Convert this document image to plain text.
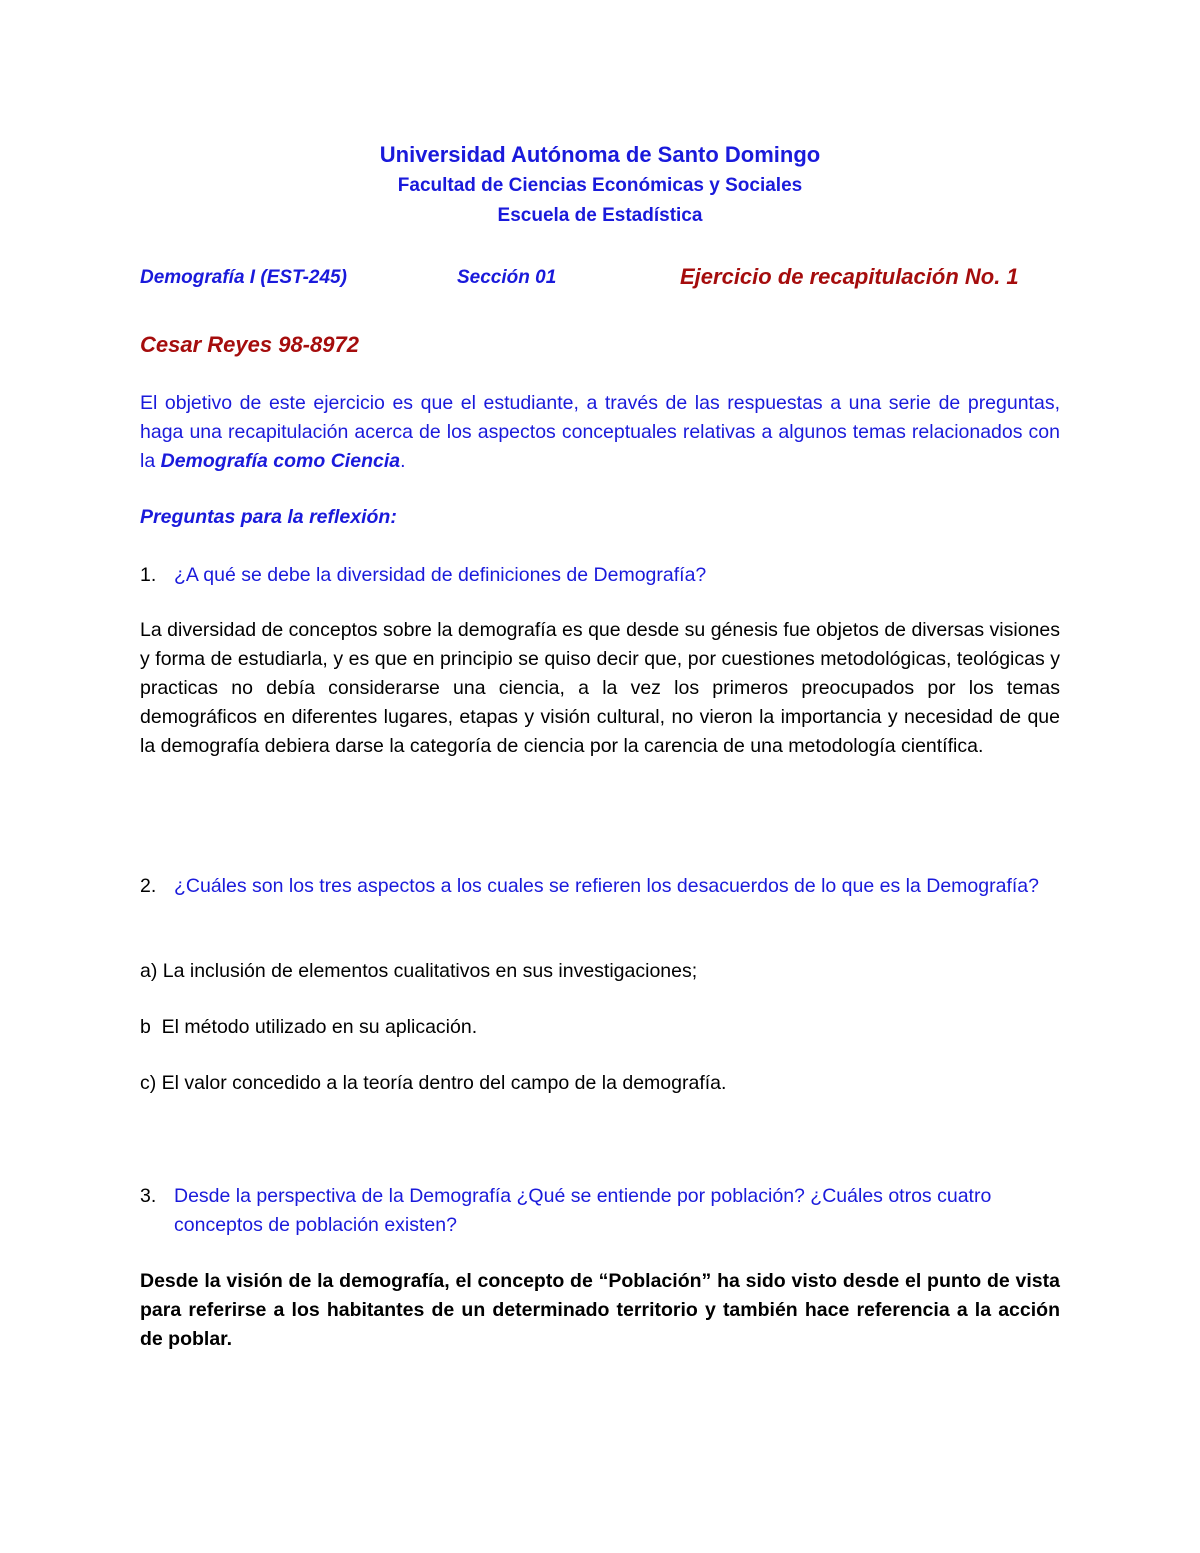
Universidad Autónoma de Santo Domingo
Facultad de Ciencias Económicas y Sociales
Escuela de Estadística
Demografía I (EST-245)	Sección 01	Ejercicio de recapitulación No. 1
Cesar Reyes 98-8972
El objetivo de este ejercicio es que el estudiante, a través de las respuestas a una serie de preguntas, haga una recapitulación acerca de los aspectos conceptuales relativas a algunos temas relacionados con la Demografía como Ciencia.
Preguntas para la reflexión:
1. ¿A qué se debe la diversidad de definiciones de Demografía?
La diversidad de conceptos sobre la demografía es que desde su génesis fue objetos de diversas visiones y forma de estudiarla, y es que en principio se quiso decir que, por cuestiones metodológicas, teológicas y practicas no debía considerarse una ciencia, a la vez los primeros preocupados por los temas demográficos en diferentes lugares, etapas y visión cultural, no vieron la importancia y necesidad de que la demografía debiera darse la categoría de ciencia por la carencia de una metodología científica.
2. ¿Cuáles son los tres aspectos a los cuales se refieren los desacuerdos de lo que es la Demografía?
a) La inclusión de elementos cualitativos en sus investigaciones;
b  El método utilizado en su aplicación.
c) El valor concedido a la teoría dentro del campo de la demografía.
3. Desde la perspectiva de la Demografía ¿Qué se entiende por población? ¿Cuáles otros cuatro conceptos de población existen?
Desde la visión de la demografía, el concepto de “Población” ha sido visto desde el punto de vista para referirse a los habitantes de un determinado territorio y también hace referencia a la acción de poblar.
